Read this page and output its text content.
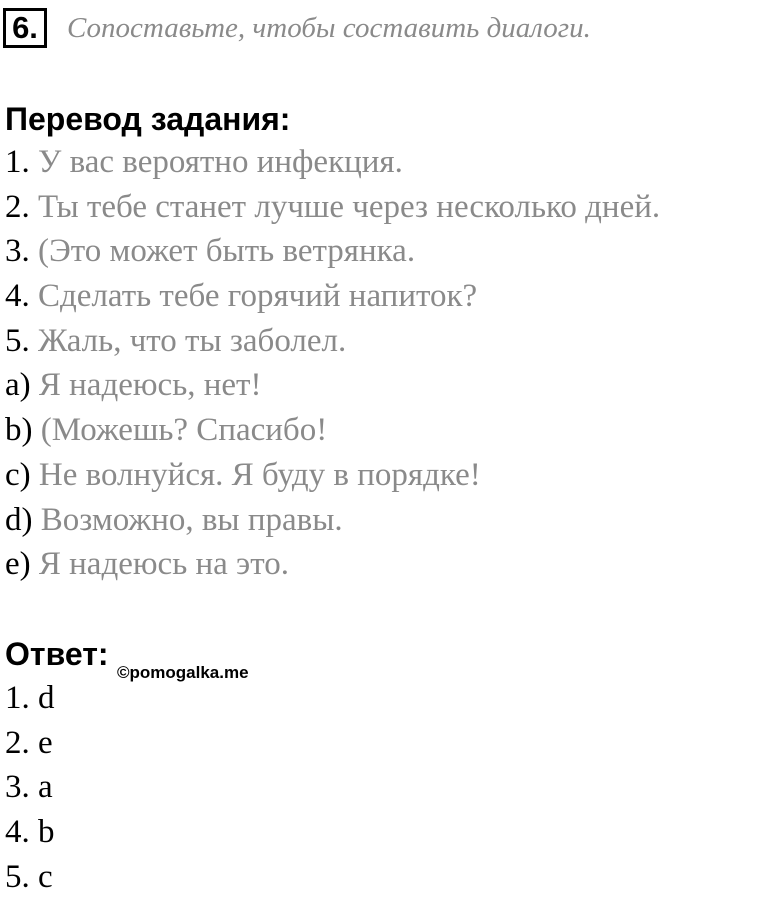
6.	Сопоставьте, чтобы составить диалоги.
Перевод задания:
1. У вас вероятно инфекция.
2. Ты тебе станет лучше через несколько дней.
3. (Это может быть ветрянка.
4. Сделать тебе горячий напиток?
5. Жаль, что ты заболел.
a) Я надеюсь, нет!
b) (Можешь? Спасибо!
c) Не волнуйся. Я буду в порядке!
d) Возможно, вы правы.
e) Я надеюсь на это.
Ответ:
©pomogalka.me
1. d
2. e
3. a
4. b
5. c
